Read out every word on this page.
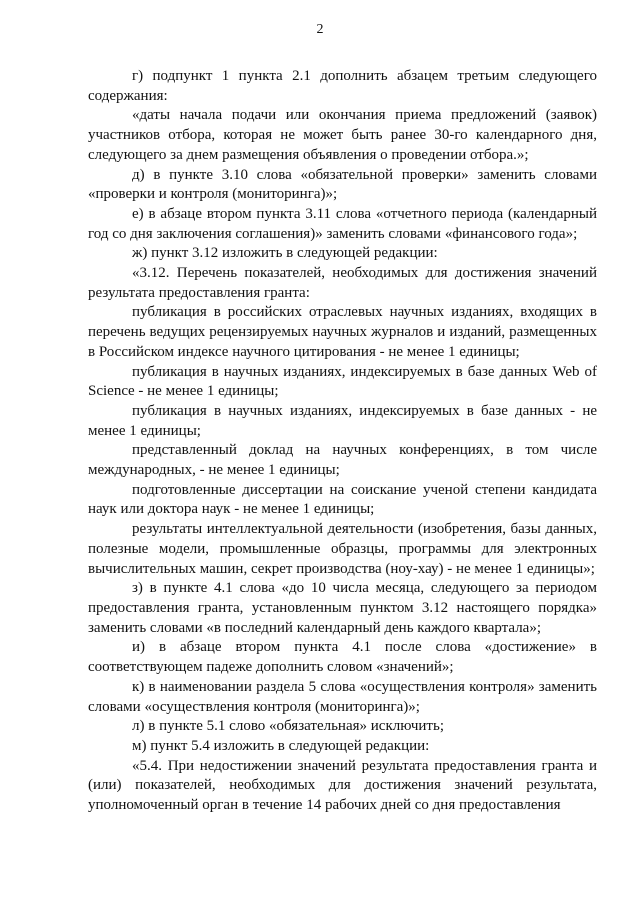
2

г) подпункт 1 пункта 2.1 дополнить абзацем третьим следующего содержания:

«даты начала подачи или окончания приема предложений (заявок) участников отбора, которая не может быть ранее 30-го календарного дня, следующего за днем размещения объявления о проведении отбора.»;

д) в пункте 3.10 слова «обязательной проверки» заменить словами «проверки и контроля (мониторинга)»;

е) в абзаце втором пункта 3.11 слова «отчетного периода (календарный год со дня заключения соглашения)» заменить словами «финансового года»;

ж) пункт 3.12 изложить в следующей редакции:

«3.12. Перечень показателей, необходимых для достижения значений результата предоставления гранта:

публикация в российских отраслевых научных изданиях, входящих в перечень ведущих рецензируемых научных журналов и изданий, размещенных в Российском индексе научного цитирования - не менее 1 единицы;

публикация в научных изданиях, индексируемых в базе данных Web of Science - не менее 1 единицы;

публикация в научных изданиях, индексируемых в базе данных - не менее 1 единицы;

представленный доклад на научных конференциях, в том числе международных, - не менее 1 единицы;

подготовленные диссертации на соискание ученой степени кандидата наук или доктора наук - не менее 1 единицы;

результаты интеллектуальной деятельности (изобретения, базы данных, полезные модели, промышленные образцы, программы для электронных вычислительных машин, секрет производства (ноу-хау) - не менее 1 единицы»;

з) в пункте 4.1 слова «до 10 числа месяца, следующего за периодом предоставления гранта, установленным пунктом 3.12 настоящего порядка» заменить словами «в последний календарный день каждого квартала»;

и) в абзаце втором пункта 4.1 после слова «достижение» в соответствующем падеже дополнить словом «значений»;

к) в наименовании раздела 5 слова «осуществления контроля» заменить словами «осуществления контроля (мониторинга)»;

л) в пункте 5.1 слово «обязательная» исключить;

м) пункт 5.4 изложить в следующей редакции:

«5.4. При недостижении значений результата предоставления гранта и (или) показателей, необходимых для достижения значений результата, уполномоченный орган в течение 14 рабочих дней со дня предоставления
